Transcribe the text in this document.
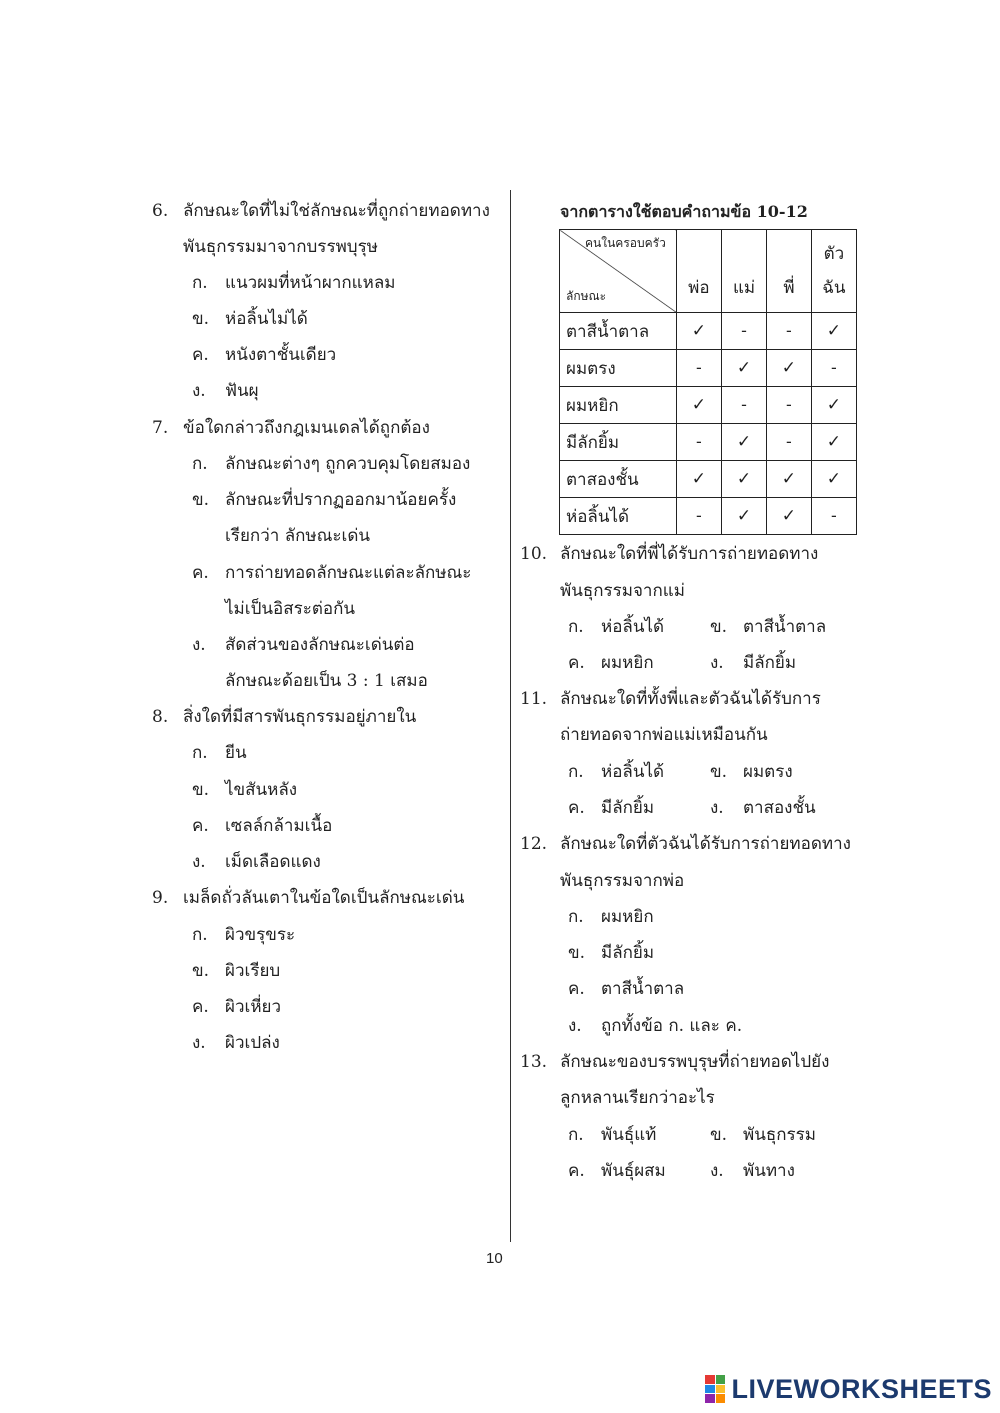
6. ลักษณะใดที่ไม่ใช่ลักษณะที่ถูกถ่ายทอดทาง
พันธุกรรมมาจากบรรพบุรุษ
ก. แนวผมที่หน้าผากแหลม
ข. ห่อลิ้นไม่ได้
ค. หนังตาชั้นเดียว
ง. ฟันผุ
7. ข้อใดกล่าวถึงกฎเมนเดลได้ถูกต้อง
ก. ลักษณะต่างๆ ถูกควบคุมโดยสมอง
ข. ลักษณะที่ปรากฏออกมาน้อยครั้ง
เรียกว่า ลักษณะเด่น
ค. การถ่ายทอดลักษณะแต่ละลักษณะ
ไม่เป็นอิสระต่อกัน
ง. สัดส่วนของลักษณะเด่นต่อ
ลักษณะด้อยเป็น 3 : 1 เสมอ
8. สิ่งใดที่มีสารพันธุกรรมอยู่ภายใน
ก. ยีน
ข. ไขสันหลัง
ค. เซลล์กล้ามเนื้อ
ง. เม็ดเลือดแดง
9. เมล็ดถั่วลันเตาในข้อใดเป็นลักษณะเด่น
ก. ผิวขรุขระ
ข. ผิวเรียบ
ค. ผิวเหี่ยว
ง. ผิวเปล่ง
จากตารางใช้ตอบคำถามข้อ 10-12
คนในครอบครัว
ลักษณะ	พ่อ	แม่	พี่	ตัว
ฉัน
ตาสีน้ำตาล	✓	-	-	✓
ผมตรง	-	✓	✓	-
ผมหยิก	✓	-	-	✓
มีลักยิ้ม	-	✓	-	✓
ตาสองชั้น	✓	✓	✓	✓
ห่อลิ้นได้	-	✓	✓	-
10. ลักษณะใดที่พี่ได้รับการถ่ายทอดทาง
พันธุกรรมจากแม่
ก. ห่อลิ้นได้	ข. ตาสีน้ำตาล
ค. ผมหยิก	ง. มีลักยิ้ม
11. ลักษณะใดที่ทั้งพี่และตัวฉันได้รับการ
ถ่ายทอดจากพ่อแม่เหมือนกัน
ก. ห่อลิ้นได้	ข. ผมตรง
ค. มีลักยิ้ม	ง. ตาสองชั้น
12. ลักษณะใดที่ตัวฉันได้รับการถ่ายทอดทาง
พันธุกรรมจากพ่อ
ก. ผมหยิก
ข. มีลักยิ้ม
ค. ตาสีน้ำตาล
ง. ถูกทั้งข้อ ก. และ ค.
13. ลักษณะของบรรพบุรุษที่ถ่ายทอดไปยัง
ลูกหลานเรียกว่าอะไร
ก. พันธุ์แท้	ข. พันธุกรรม
ค. พันธุ์ผสม	ง. พันทาง
10
LIVEWORKSHEETS
